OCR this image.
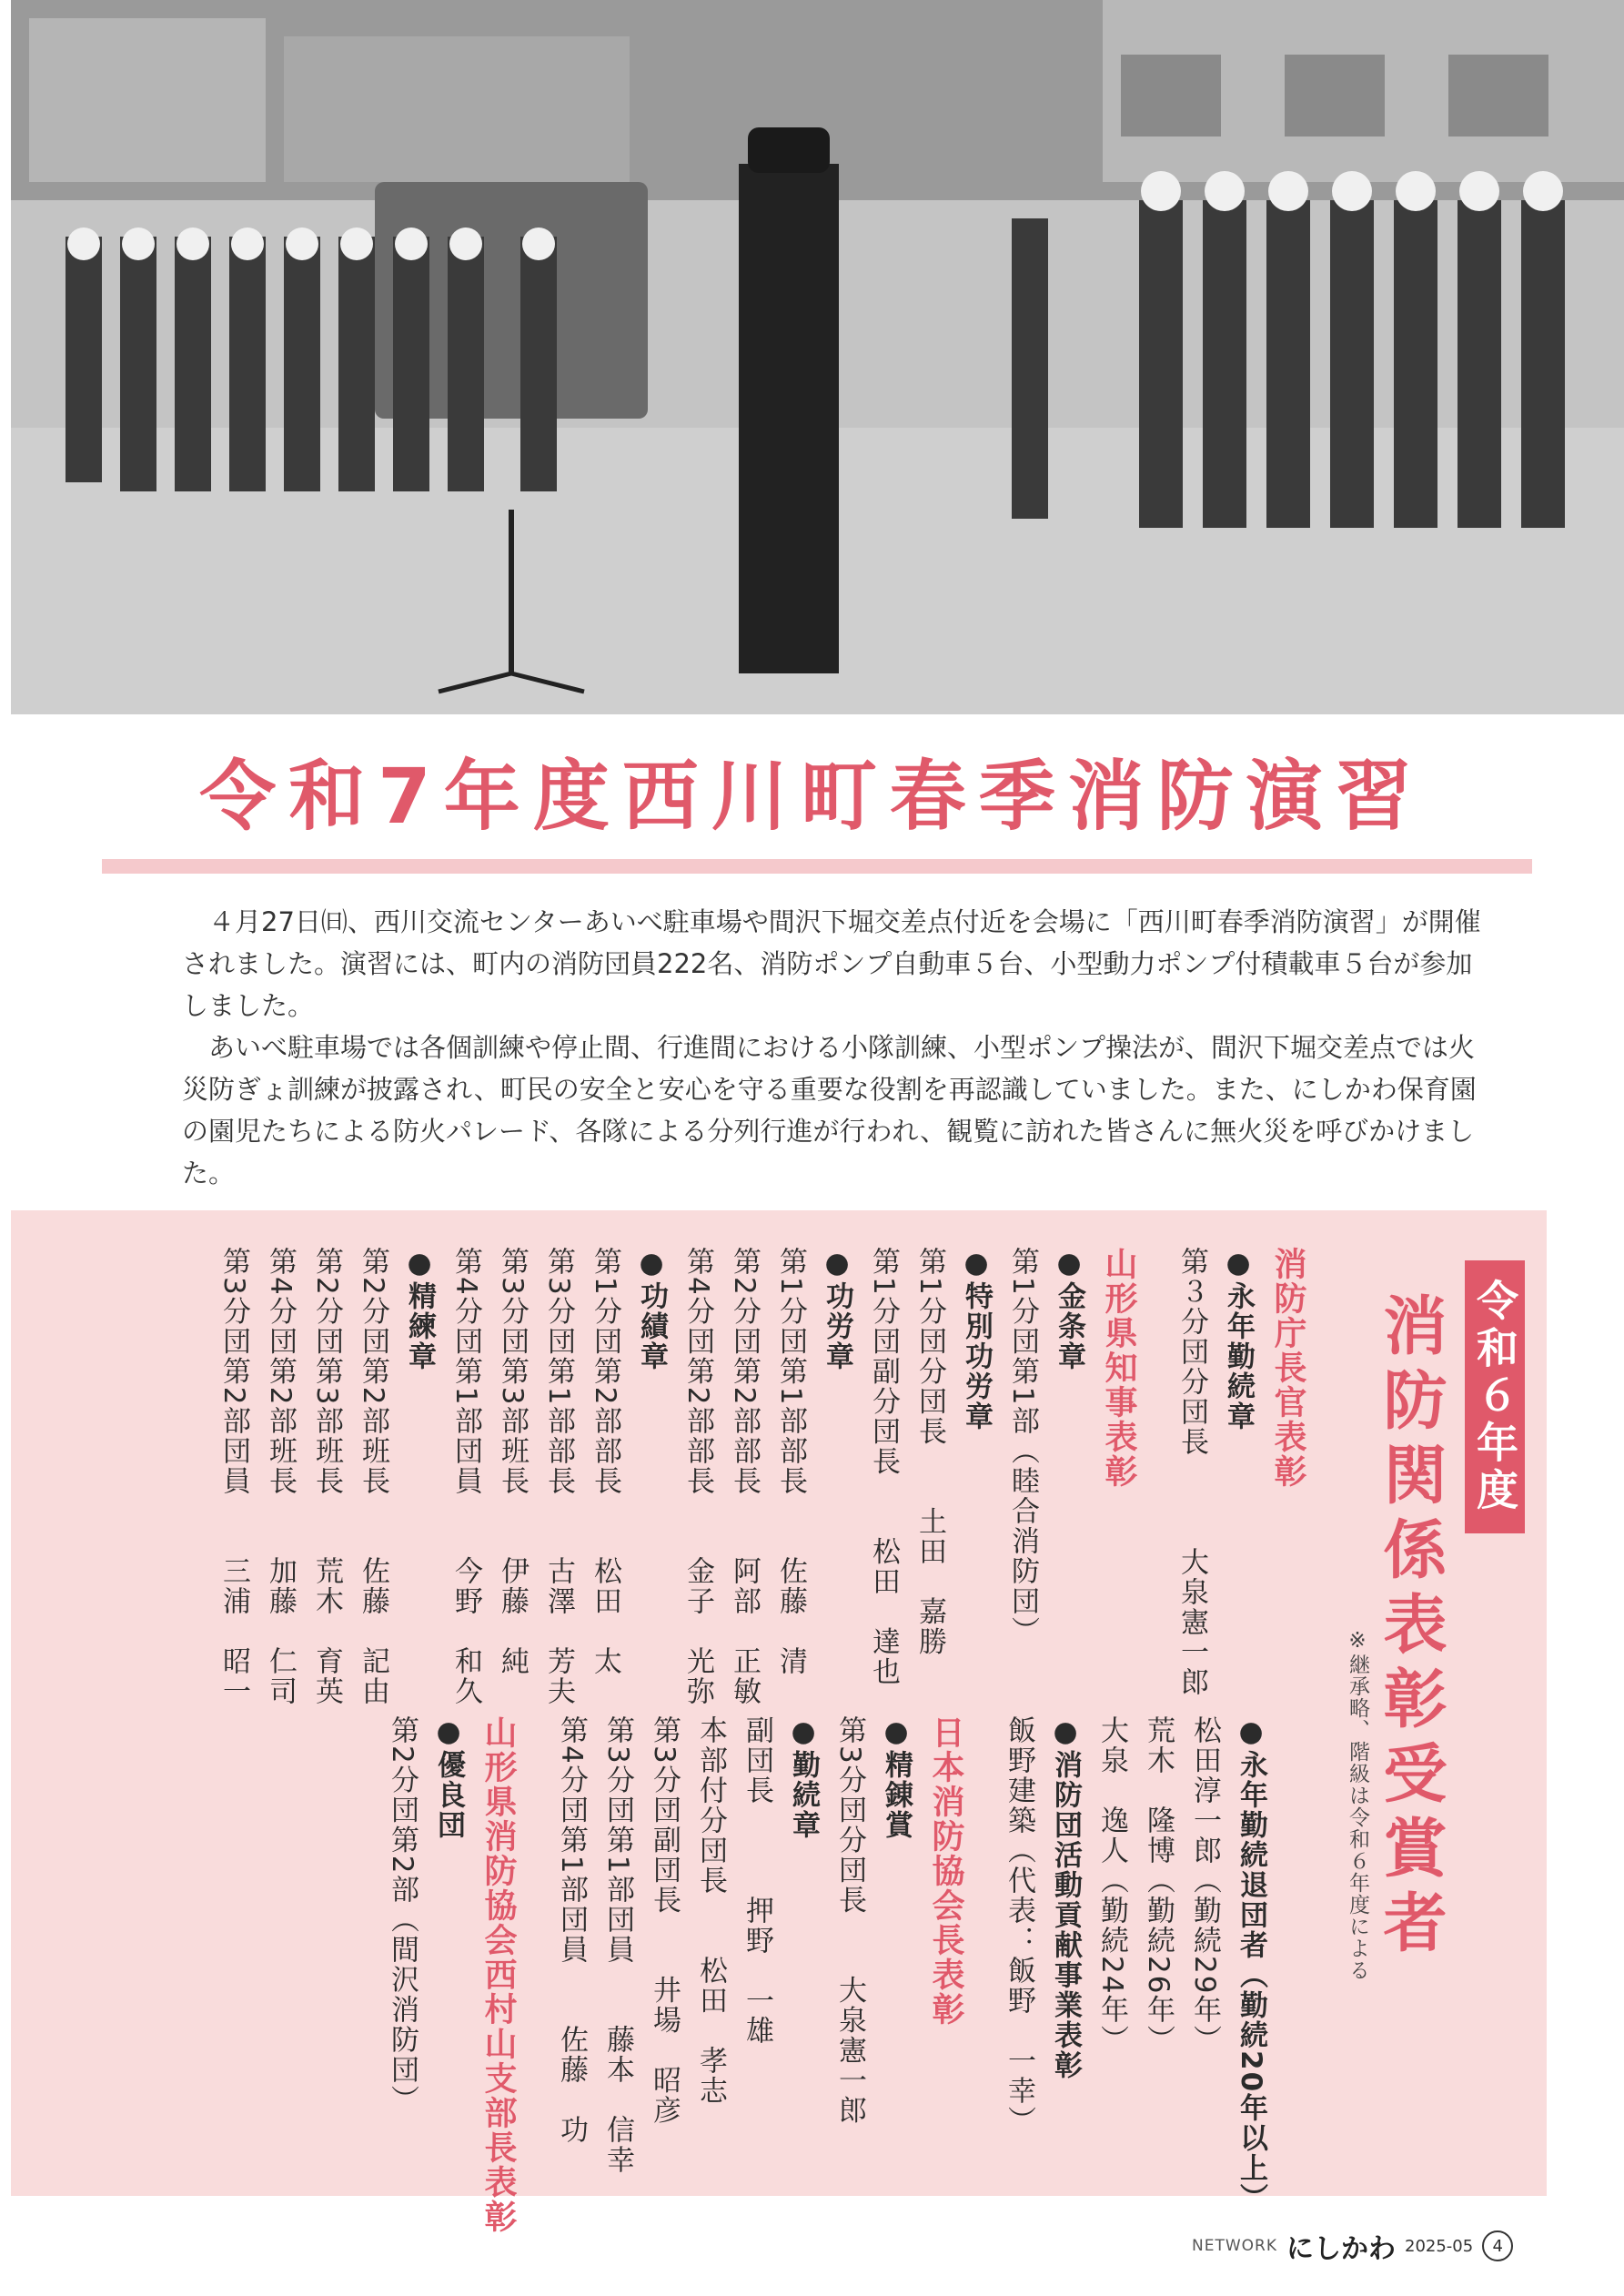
令和7年度西川町春季消防演習

４月27日㈰、西川交流センターあいべ駐車場や間沢下堀交差点付近を会場に「西川町春季消防演習」が開催されました。演習には、町内の消防団員222名、消防ポンプ自動車５台、小型動力ポンプ付積載車５台が参加しました。

あいべ駐車場では各個訓練や停止間、行進間における小隊訓練、小型ポンプ操法が、間沢下堀交差点では火災防ぎょ訓練が披露され、町民の安全と安心を守る重要な役割を再認識していました。また、にしかわ保育園の園児たちによる防火パレード、各隊による分列行進が行われ、観覧に訪れた皆さんに無火災を呼びかけました。

令和６年度
消防関係表彰受賞者
※継承略、階級は令和６年度による
消防庁長官表彰
●永年勤続章
第３分団分団長　　　大泉憲一郎
山形県知事表彰
●金条章
第1分団第1部（睦合消防団）
●特別功労章
第1分団分団長　　土田　嘉勝
第1分団副分団長　　松田　達也
●功労章
第1分団第1部部長　　佐藤　清
第2分団第2部部長　　阿部　正敏
第4分団第2部部長　　金子　光弥
●功績章
第1分団第2部部長　　松田　太
第3分団第1部部長　　古澤　芳夫
第3分団第3部班長　　伊藤　純
第4分団第1部団員　　今野　和久
●精練章
第2分団第2部班長　　佐藤　記由
第2分団第3部班長　　荒木　育英
第4分団第2部班長　　加藤　仁司
第3分団第2部団員　　三浦　昭一
●永年勤続退団者（勤続20年以上）
松田淳一郎（勤続29年）
荒木　隆博（勤続26年）
大泉　逸人（勤続24年）
●消防団活動貢献事業表彰
飯野建築（代表：飯野　一幸）
日本消防協会長表彰
●精錬賞
第3分団分団長　　大泉憲一郎
●勤続章
副団長　　　押野　一雄
本部付分団長　　松田　孝志
第3分団副団長　　井場　昭彦
第3分団第1部団員　　藤本　信幸
第4分団第1部団員　　佐藤　功
山形県消防協会西村山支部長表彰
●優良団
第2分団第2部（間沢消防団）
NETWORK にしかわ 2025-05	4
